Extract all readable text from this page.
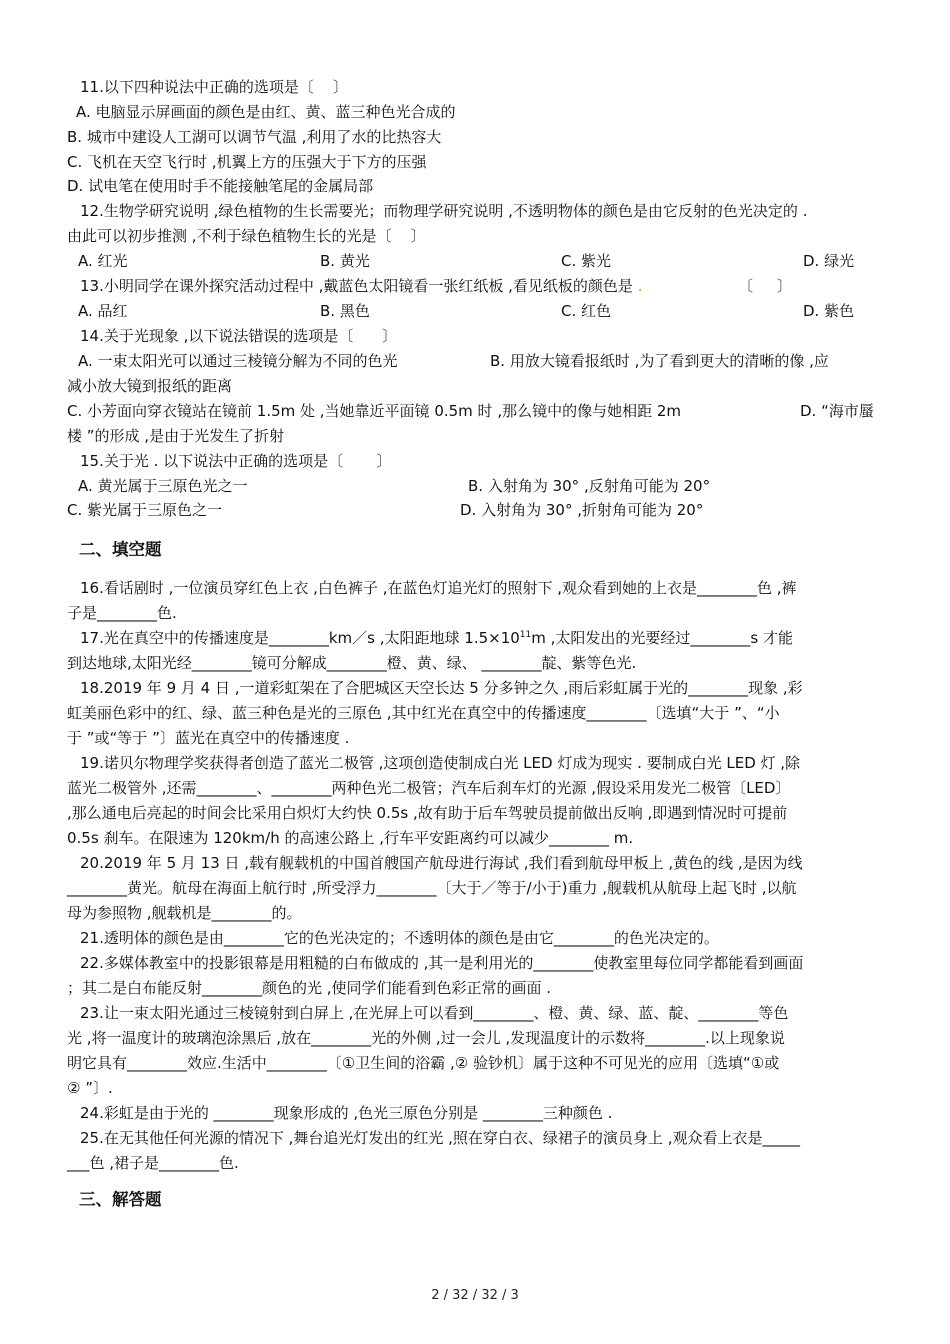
11.以下四种说法中正确的选项是〔    〕
A. 电脑显示屏画面的颜色是由红、黄、蓝三种色光合成的
B. 城市中建设人工湖可以调节气温 ,利用了水的比热容大
C. 飞机在天空飞行时 ,机翼上方的压强大于下方的压强
D. 试电笔在使用时手不能接触笔尾的金属局部
12.生物学研究说明 ,绿色植物的生长需要光；而物理学研究说明 ,不透明物体的颜色是由它反射的色光决定的 .
由此可以初步推测 ,不利于绿色植物生长的光是〔    〕
A. 红光	B. 黄光	C. 紫光	D. 绿光
13.小明同学在课外探究活动过程中 ,戴蓝色太阳镜看一张红纸板 ,看见纸板的颜色是 .	〔     〕
A. 品红	B. 黑色	C. 红色	D. 紫色
14.关于光现象 ,以下说法错误的选项是〔      〕
A. 一束太阳光可以通过三棱镜分解为不同的色光	B. 用放大镜看报纸时 ,为了看到更大的清晰的像 ,应
减小放大镜到报纸的距离
C. 小芳面向穿衣镜站在镜前 1.5m 处 ,当她靠近平面镜 0.5m 时 ,那么镜中的像与她相距 2m	D. “海市蜃
楼 ”的形成 ,是由于光发生了折射
15.关于光 . 以下说法中正确的选项是〔       〕
A. 黄光属于三原色光之一	B. 入射角为 30° ,反射角可能为 20°
C. 紫光属于三原色之一	D. 入射角为 30° ,折射角可能为 20°
二、填空题
16.看话剧时 ,一位演员穿红色上衣 ,白色裤子 ,在蓝色灯追光灯的照射下 ,观众看到她的上衣是________色 ,裤
子是________色.
17.光在真空中的传播速度是________km／s ,太阳距地球 $1.5\times 10^{11}m$ ,太阳发出的光要经过________s 才能
到达地球,太阳光经________镜可分解成________橙、黄、绿、 ________靛、紫等色光.
18.2019 年 9 月 4 日 ,一道彩虹架在了合肥城区天空长达 5 分多钟之久 ,雨后彩虹属于光的________现象 ,彩
虹美丽色彩中的红、绿、蓝三种色是光的三原色 ,其中红光在真空中的传播速度________〔选填“大于 ”、“小
于 ”或“等于 ”〕蓝光在真空中的传播速度 .
19.诺贝尔物理学奖获得者创造了蓝光二极管 ,这项创造使制成白光 LED 灯成为现实 . 要制成白光 LED 灯 ,除
蓝光二极管外 ,还需________、________两种色光二极管；汽车后刹车灯的光源 ,假设采用发光二极管〔LED〕
,那么通电后亮起的时间会比采用白炽灯大约快 0.5s ,故有助于后车驾驶员提前做出反响 ,即遇到情况时可提前
0.5s 刹车。在限速为 120km/h 的高速公路上 ,行车平安距离约可以减少________ m.
20.2019 年 5 月 13 日 ,载有舰载机的中国首艘国产航母进行海试 ,我们看到航母甲板上 ,黄色的线 ,是因为线
________黄光。航母在海面上航行时 ,所受浮力________〔大于／等于/小于)重力 ,舰载机从航母上起飞时 ,以航
母为参照物 ,舰载机是________的。
21.透明体的颜色是由________它的色光决定的；不透明体的颜色是由它________的色光决定的。
22.多媒体教室中的投影银幕是用粗糙的白布做成的 ,其一是利用光的________使教室里每位同学都能看到画面
；其二是白布能反射________颜色的光 ,使同学们能看到色彩正常的画面 .
23.让一束太阳光通过三棱镜射到白屏上 ,在光屏上可以看到________、橙、黄、绿、蓝、靛、________等色
光 ,将一温度计的玻璃泡涂黑后 ,放在________光的外侧 ,过一会儿 ,发现温度计的示数将________.以上现象说
明它具有________效应.生活中________〔①卫生间的浴霸 ,② 验钞机〕属于这种不可见光的应用〔选填“①或
② ”〕.
24.彩虹是由于光的 ________现象形成的 ,色光三原色分别是 ________三种颜色 .
25.在无其他任何光源的情况下 ,舞台追光灯发出的红光 ,照在穿白衣、绿裙子的演员身上 ,观众看上衣是_____
___色 ,裙子是________色.
三、解答题
2 / 32 / 32 / 3
